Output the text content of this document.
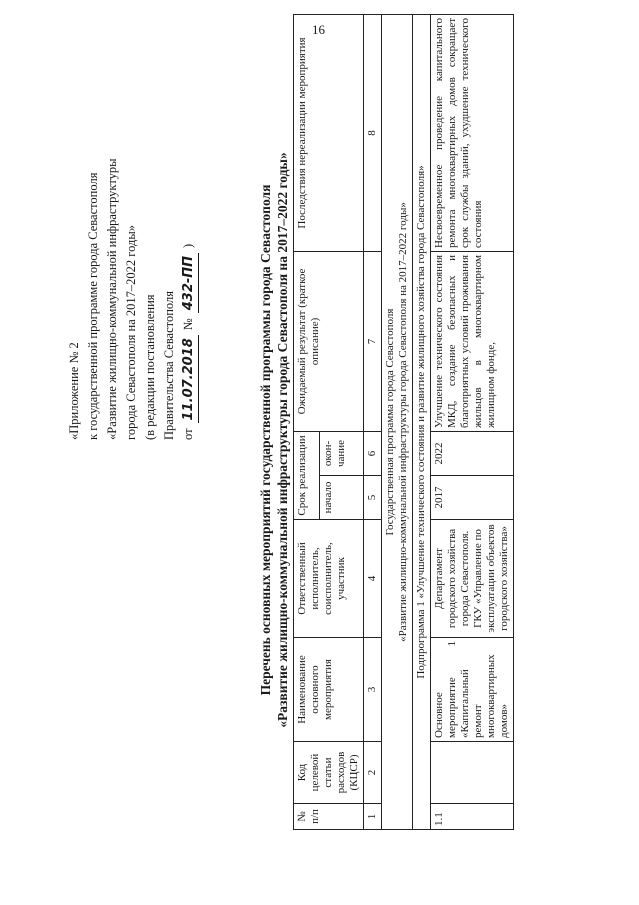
16
«Приложение № 2 к государственной программе города Севастополя «Развитие жилищно-коммунальной инфраструктуры города Севастополя на 2017–2022 годы» (в редакции постановления Правительства Севастополя от
11.07.2018
№
432-ПП
)	Перечень основных мероприятий государственной программы города Севастополя «Развитие жилищно-коммунальной инфраструктуры города Севастополя на 2017–2022 годы»
№ п/п	Код целевой статьи расходов (КЦСР)	Наименование основного мероприятия	Ответственный исполнитель, соисполнитель, участник	Срок реализации		Ожидаемый результат (краткое описание)	Последствия нереализации мероприятия
				начало	окон-чание		
1	2	3	4	5	6	7	8

Государственная программа города Севастополя «Развитие жилищно-коммунальной инфраструктуры города Севастополя на 2017–2022 годы»							

Подпрограмма 1 «Улучшение технического состояния и развитие жилищного хозяйства города Севастополя»							
1.1		Основное мероприятие 1 «Капитальный ремонт многоквартирных домов»	Департамент городского хозяйства города Севастополя. ГКУ «Управление по эксплуатации объектов городского хозяйства»	2017	2022	Улучшение технического состояния МКД, создание безопасных и благоприятных условий проживания жильцов в многоквартирном жилищном фонде,	Несвоевременное проведение капитального ремонта многоквартирных домов сокращает срок службы зданий, ухудшение технического состояния
